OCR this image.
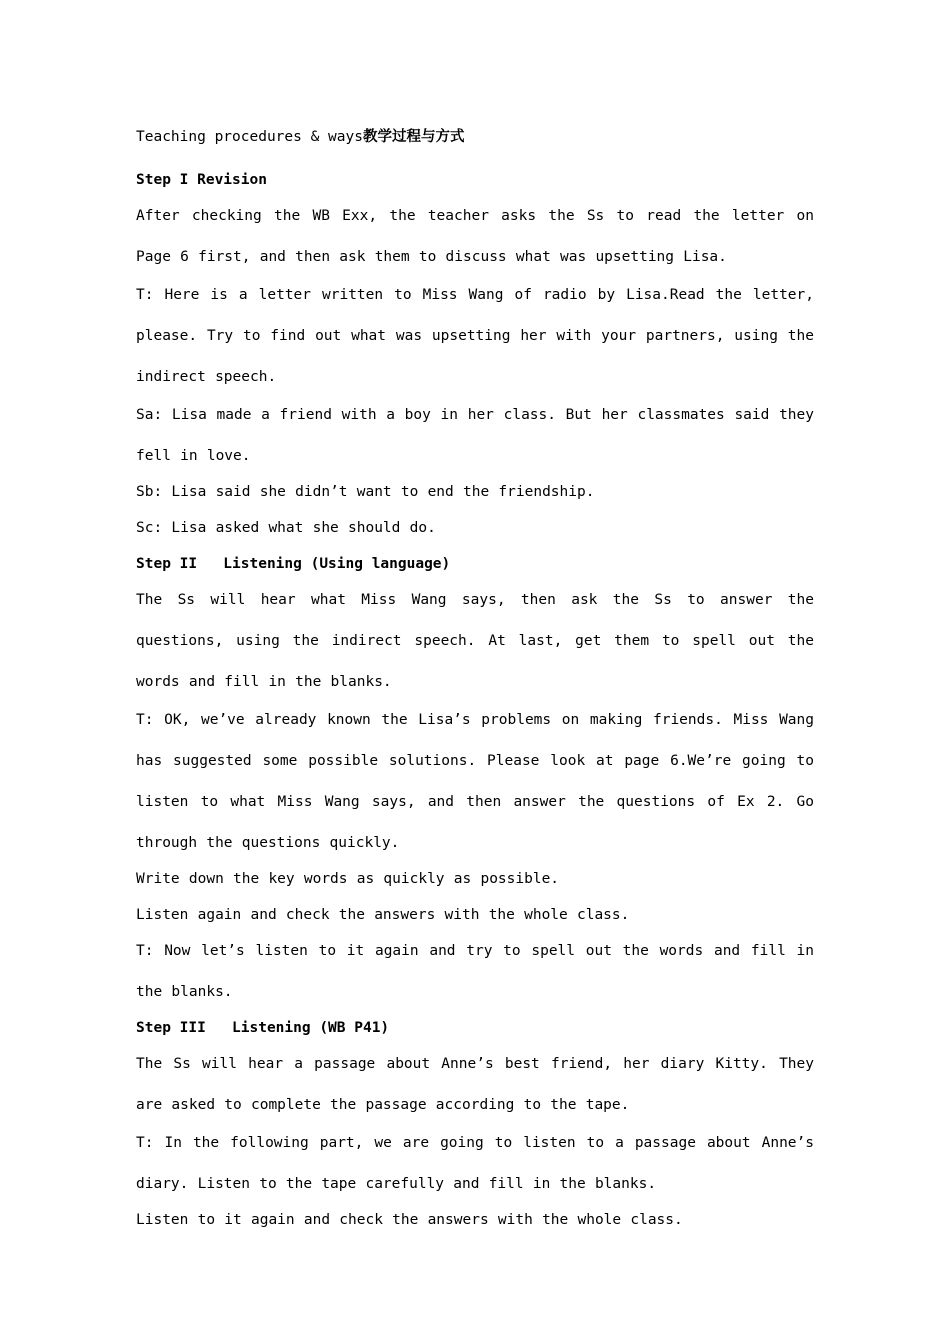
Teaching procedures & ways教学过程与方式
Step I Revision

After checking the WB Exx, the teacher asks the Ss to read the letter on Page 6 first, and then ask them to discuss what was upsetting Lisa.

T: Here is a letter written to Miss Wang of radio by Lisa.Read the letter, please. Try to find out what was upsetting her with your partners, using the indirect speech.

Sa: Lisa made a friend with a boy in her class. But her classmates said they fell in love.

Sb: Lisa said she didn’t want to end the friendship.

Sc: Lisa asked what she should do.

Step II   Listening (Using language)

The Ss will hear what Miss Wang says, then ask the Ss to answer the questions, using the indirect speech. At last, get them to spell out the words and fill in the blanks.

T: OK, we’ve already known the Lisa’s problems on making friends. Miss Wang has suggested some possible solutions. Please look at page 6.We’re going to listen to what Miss Wang says, and then answer the questions of Ex 2. Go through the questions quickly.

Write down the key words as quickly as possible.

Listen again and check the answers with the whole class.

T: Now let’s listen to it again and try to spell out the words and fill in the blanks.

Step III   Listening (WB P41)

The Ss will hear a passage about Anne’s best friend, her diary Kitty. They are asked to complete the passage according to the tape.

T: In the following part, we are going to listen to a passage about Anne’s diary. Listen to the tape carefully and fill in the blanks.

Listen to it again and check the answers with the whole class.
